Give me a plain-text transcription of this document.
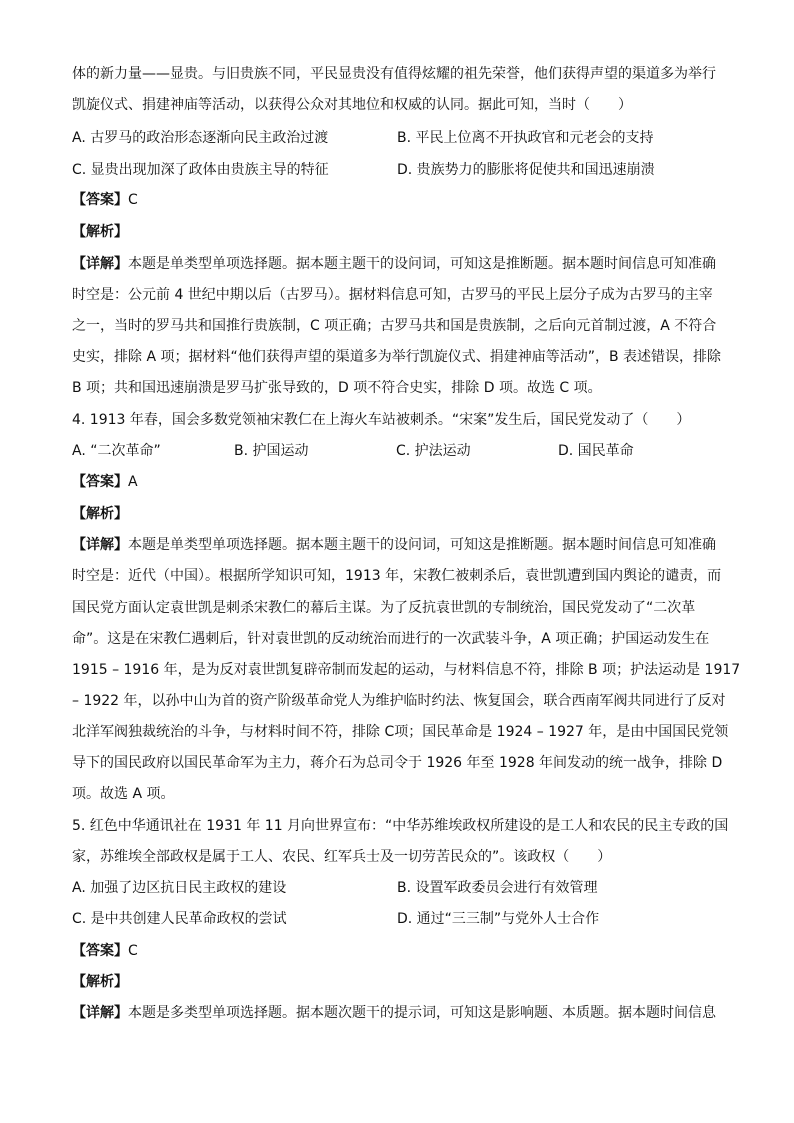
体的新力量——显贵。与旧贵族不同，平民显贵没有值得炫耀的祖先荣誉，他们获得声望的渠道多为举行
凯旋仪式、捐建神庙等活动，以获得公众对其地位和权威的认同。据此可知，当时（　　）
A. 古罗马的政治形态逐渐向民主政治过渡	B. 平民上位离不开执政官和元老会的支持
C. 显贵出现加深了政体由贵族主导的特征	D. 贵族势力的膨胀将促使共和国迅速崩溃
【答案】C
【解析】
【详解】本题是单类型单项选择题。据本题主题干的设问词，可知这是推断题。据本题时间信息可知准确
时空是：公元前 4 世纪中期以后（古罗马）。据材料信息可知，古罗马的平民上层分子成为古罗马的主宰
之一，当时的罗马共和国推行贵族制，C 项正确；古罗马共和国是贵族制，之后向元首制过渡，A 不符合
史实，排除 A 项；据材料“他们获得声望的渠道多为举行凯旋仪式、捐建神庙等活动”，B 表述错误，排除
B 项；共和国迅速崩溃是罗马扩张导致的，D 项不符合史实，排除 D 项。故选 C 项。
4. 1913 年春，国会多数党领袖宋教仁在上海火车站被刺杀。“宋案”发生后，国民党发动了（　　）
A. “二次革命”	B. 护国运动	C. 护法运动	D. 国民革命
【答案】A
【解析】
【详解】本题是单类型单项选择题。据本题主题干的设问词，可知这是推断题。据本题时间信息可知准确
时空是：近代（中国）。根据所学知识可知，1913 年，宋教仁被刺杀后，袁世凯遭到国内舆论的谴责，而
国民党方面认定袁世凯是刺杀宋教仁的幕后主谋。为了反抗袁世凯的专制统治，国民党发动了“二次革
命”。这是在宋教仁遇刺后，针对袁世凯的反动统治而进行的一次武装斗争，A 项正确；护国运动发生在
1915 – 1916 年，是为反对袁世凯复辟帝制而发起的运动，与材料信息不符，排除 B 项；护法运动是 1917
– 1922 年，以孙中山为首的资产阶级革命党人为维护临时约法、恢复国会，联合西南军阀共同进行了反对
北洋军阀独裁统治的斗争，与材料时间不符，排除 C项；国民革命是 1924 – 1927 年，是由中国国民党领
导下的国民政府以国民革命军为主力，蒋介石为总司令于 1926 年至 1928 年间发动的统一战争，排除 D
项。故选 A 项。
5. 红色中华通讯社在 1931 年 11 月向世界宣布：“中华苏维埃政权所建设的是工人和农民的民主专政的国
家，苏维埃全部政权是属于工人、农民、红军兵士及一切劳苦民众的”。该政权（　　）
A. 加强了边区抗日民主政权的建设	B. 设置军政委员会进行有效管理
C. 是中共创建人民革命政权的尝试	D. 通过“三三制”与党外人士合作
【答案】C
【解析】
【详解】本题是多类型单项选择题。据本题次题干的提示词，可知这是影响题、本质题。据本题时间信息
